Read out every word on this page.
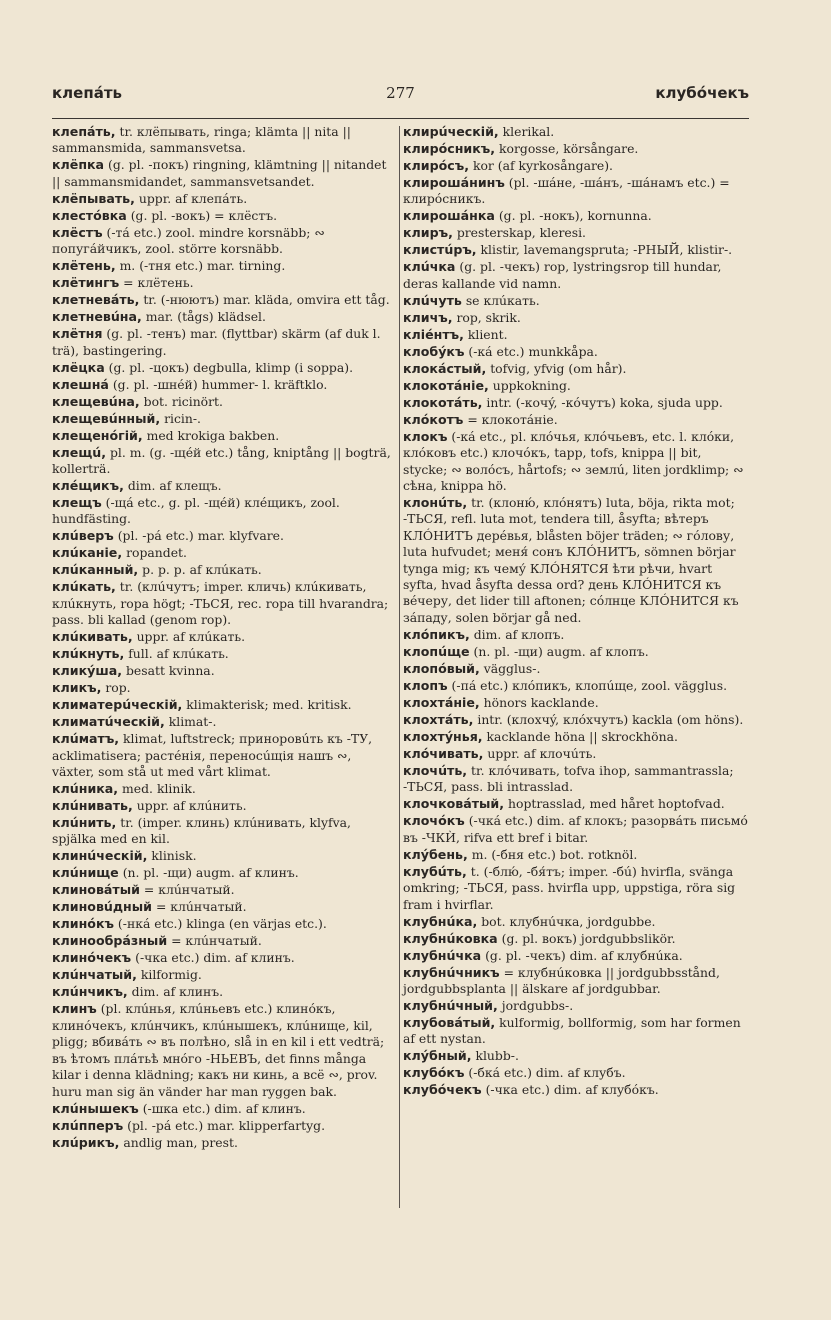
клепáть	277	клубóчекъ
клепáть, tr. клёпывать, ringa; klämta || nita || sammansmida, sammansvetsa.
клёпка (g. pl. -покъ) ringning, klämtning || nitandet || sammansmidandet, sammansvetsandet.
клёпывать, uppr. af клепáть.
клестóвка (g. pl. -вокъ) = клёстъ.
клёстъ (-тá etc.) zool. mindre korsnäbb; ∾ попугáйчикъ, zool. större korsnäbb.
клётень, m. (-тня etc.) mar. tirning.
клётингъ = клётень.
клетневáть, tr. (-нюютъ) mar. kläda, omvira ett tåg.
клетневúна, mar. (tågs) klädsel.
клётня (g. pl. -тенъ) mar. (flyttbar) skärm (af duk l. trä), bastingering.
клёцка (g. pl. -цокъ) degbulla, klimp (i soppa).
клешнá (g. pl. -шнéй) hummer- l. kräftklo.
клещевúна, bot. ricinört.
клещевúнный, ricin-.
клещенóгій, med krokiga bakben.
клещú, pl. m. (g. -щéй etc.) tång, kniptång || bogträ, kollerträ.
клéщикъ, dim. af клещъ.
клещъ (-щá etc., g. pl. -щéй) клéщикъ, zool. hundfästing.
клúверъ (pl. -рá etc.) mar. klyfvare.
клúканіе, ropandet.
клúканный, p. p. p. af клúкать.
клúкать, tr. (клúчутъ; imper. кличь) клúкивать, клúкнуть, ropa högt; -ТЬСЯ, rec. ropa till hvarandra; pass. bli kallad (genom rop).
клúкивать, uppr. af клúкать.
клúкнуть, full. af клúкать.
кликýша, besatt kvinna.
кликъ, rop.
климатерúческій, klimakterisk; med. kritisk.
климатúческій, klimat-.
клúматъ, klimat, luftstreck; приноровúть къ -ТУ, acklimatisera; растéнія, переносúщія нашъ ∾, växter, som stå ut med vårt klimat.
клúника, med. klinik.
клúнивать, uppr. af клúнить.
клúнить, tr. (imper. клинь) клúнивать, klyfva, spjälka med en kil.
клинúческій, klinisk.
клúнище (n. pl. -щи) augm. af клинъ.
клиновáтый = клúнчатый.
клиновúдный = клúнчатый.
клинóкъ (-нкá etc.) klinga (en värjas etc.).
клинообрáзный = клúнчатый.
клинóчекъ (-чка etc.) dim. af клинъ.
клúнчатый, kilformig.
клúнчикъ, dim. af клинъ.
клинъ (pl. клúнья, клúньевъ etc.) клинóкъ, клинóчекъ, клúнчикъ, клúнышекъ, клúнище, kil, pligg; вбивáть ∾ въ полѣно, slå in en kil i ett vedträ; въ ѣтомъ плáтьѣ мнóго -НЬЕВЪ, det finns många kilar i denna klädning; какъ ни кинь, а всё ∾, prov. huru man sig än vänder har man ryggen bak.
клúнышекъ (-шка etc.) dim. af клинъ.
клúпперъ (pl. -рá etc.) mar. klipperfartyg.
клúрикъ, andlig man, prest.
клирúческій, klerikal.
клирóсникъ, korgosse, körsångare.
клирóсъ, kor (af kyrkosångare).
клирошáнинъ (pl. -шáне, -шáнъ, -шáнамъ etc.) = клирóсникъ.
клирошáнка (g. pl. -нокъ), kornunna.
клиръ, presterskap, kleresi.
клистúръ, klistir, lavemangspruta; -РНЫЙ, klistir-.
клúчка (g. pl. -чекъ) rop, lystringsrop till hundar, deras kallande vid namn.
клúчуть se клúкать.
кличъ, rop, skrik.
кліéнтъ, klient.
клобýкъ (-кá etc.) munkkåpa.
клокáстый, tofvig, yfvig (om hår).
клокотáніе, uppkokning.
клокотáть, intr. (-кочý, -кóчутъ) koka, sjuda upp.
клóкотъ = клокотáніе.
клокъ (-кá etc., pl. клóчья, клóчьевъ, etc. l. клóки, клóковъ etc.) клочóкъ, tapp, tofs, knippa || bit, stycke; ∾ волóсъ, hårtofs; ∾ землú, liten jordklimp; ∾ сѣна, knippa hö.
клонúть, tr. (клоню́, клóнятъ) luta, böja, rikta mot; -ТЬСЯ, refl. luta mot, tendera till, åsyfta; вѣтеръ КЛÓНИТЪ дерéвья, blåsten böjer träden; ∾ гóлову, luta hufvudet; меня́ сонъ КЛÓНИТЪ, sömnen börjar tynga mig; къ чему́ КЛÓНЯТСЯ ѣти рѣчи, hvart syfta, hvad åsyfta dessa ord? день КЛÓНИТСЯ къ вéчеру, det lider till aftonen; сóлнце КЛÓНИТСЯ къ зáпаду, solen börjar gå ned.
клóпикъ, dim. af клопъ.
клопúще (n. pl. -щи) augm. af клопъ.
клопóвый, vägglus-.
клопъ (-пá etc.) клóпикъ, клопúще, zool. vägglus.
клохтáніе, hönors kacklande.
клохтáть, intr. (клохчý, клóхчутъ) kackla (om höns).
клохтýнья, kacklande höna || skrockhöna.
клóчивать, uppr. af клочúть.
клочúть, tr. клóчивать, tofva ihop, sammantrassla; -ТЬСЯ, pass. bli intrasslad.
клочковáтый, hoptrasslad, med håret hoptofvad.
клочóкъ (-чкá etc.) dim. af клокъ; разорвáть письмó въ -ЧКЍ, rifva ett bref i bitar.
клýбень, m. (-бня etc.) bot. rotknöl.
клубúть, t. (-блю́, -бя́тъ; imper. -бú) hvirfla, svänga omkring; -ТЬСЯ, pass. hvirfla upp, uppstiga, röra sig fram i hvirflar.
клубнúка, bot. клубнúчка, jordgubbe.
клубнúковка (g. pl. вокъ) jordgubbslikör.
клубнúчка (g. pl. -чекъ) dim. af клубнúка.
клубнúчникъ = клубнúковка || jordgubbsstånd, jordgubbsplanta || älskare af jordgubbar.
клубнúчный, jordgubbs-.
клубовáтый, kulformig, bollformig, som har formen af ett nystan.
клýбный, klubb-.
клубóкъ (-бкá etc.) dim. af клубъ.
клубóчекъ (-чка etc.) dim. af клубóкъ.
